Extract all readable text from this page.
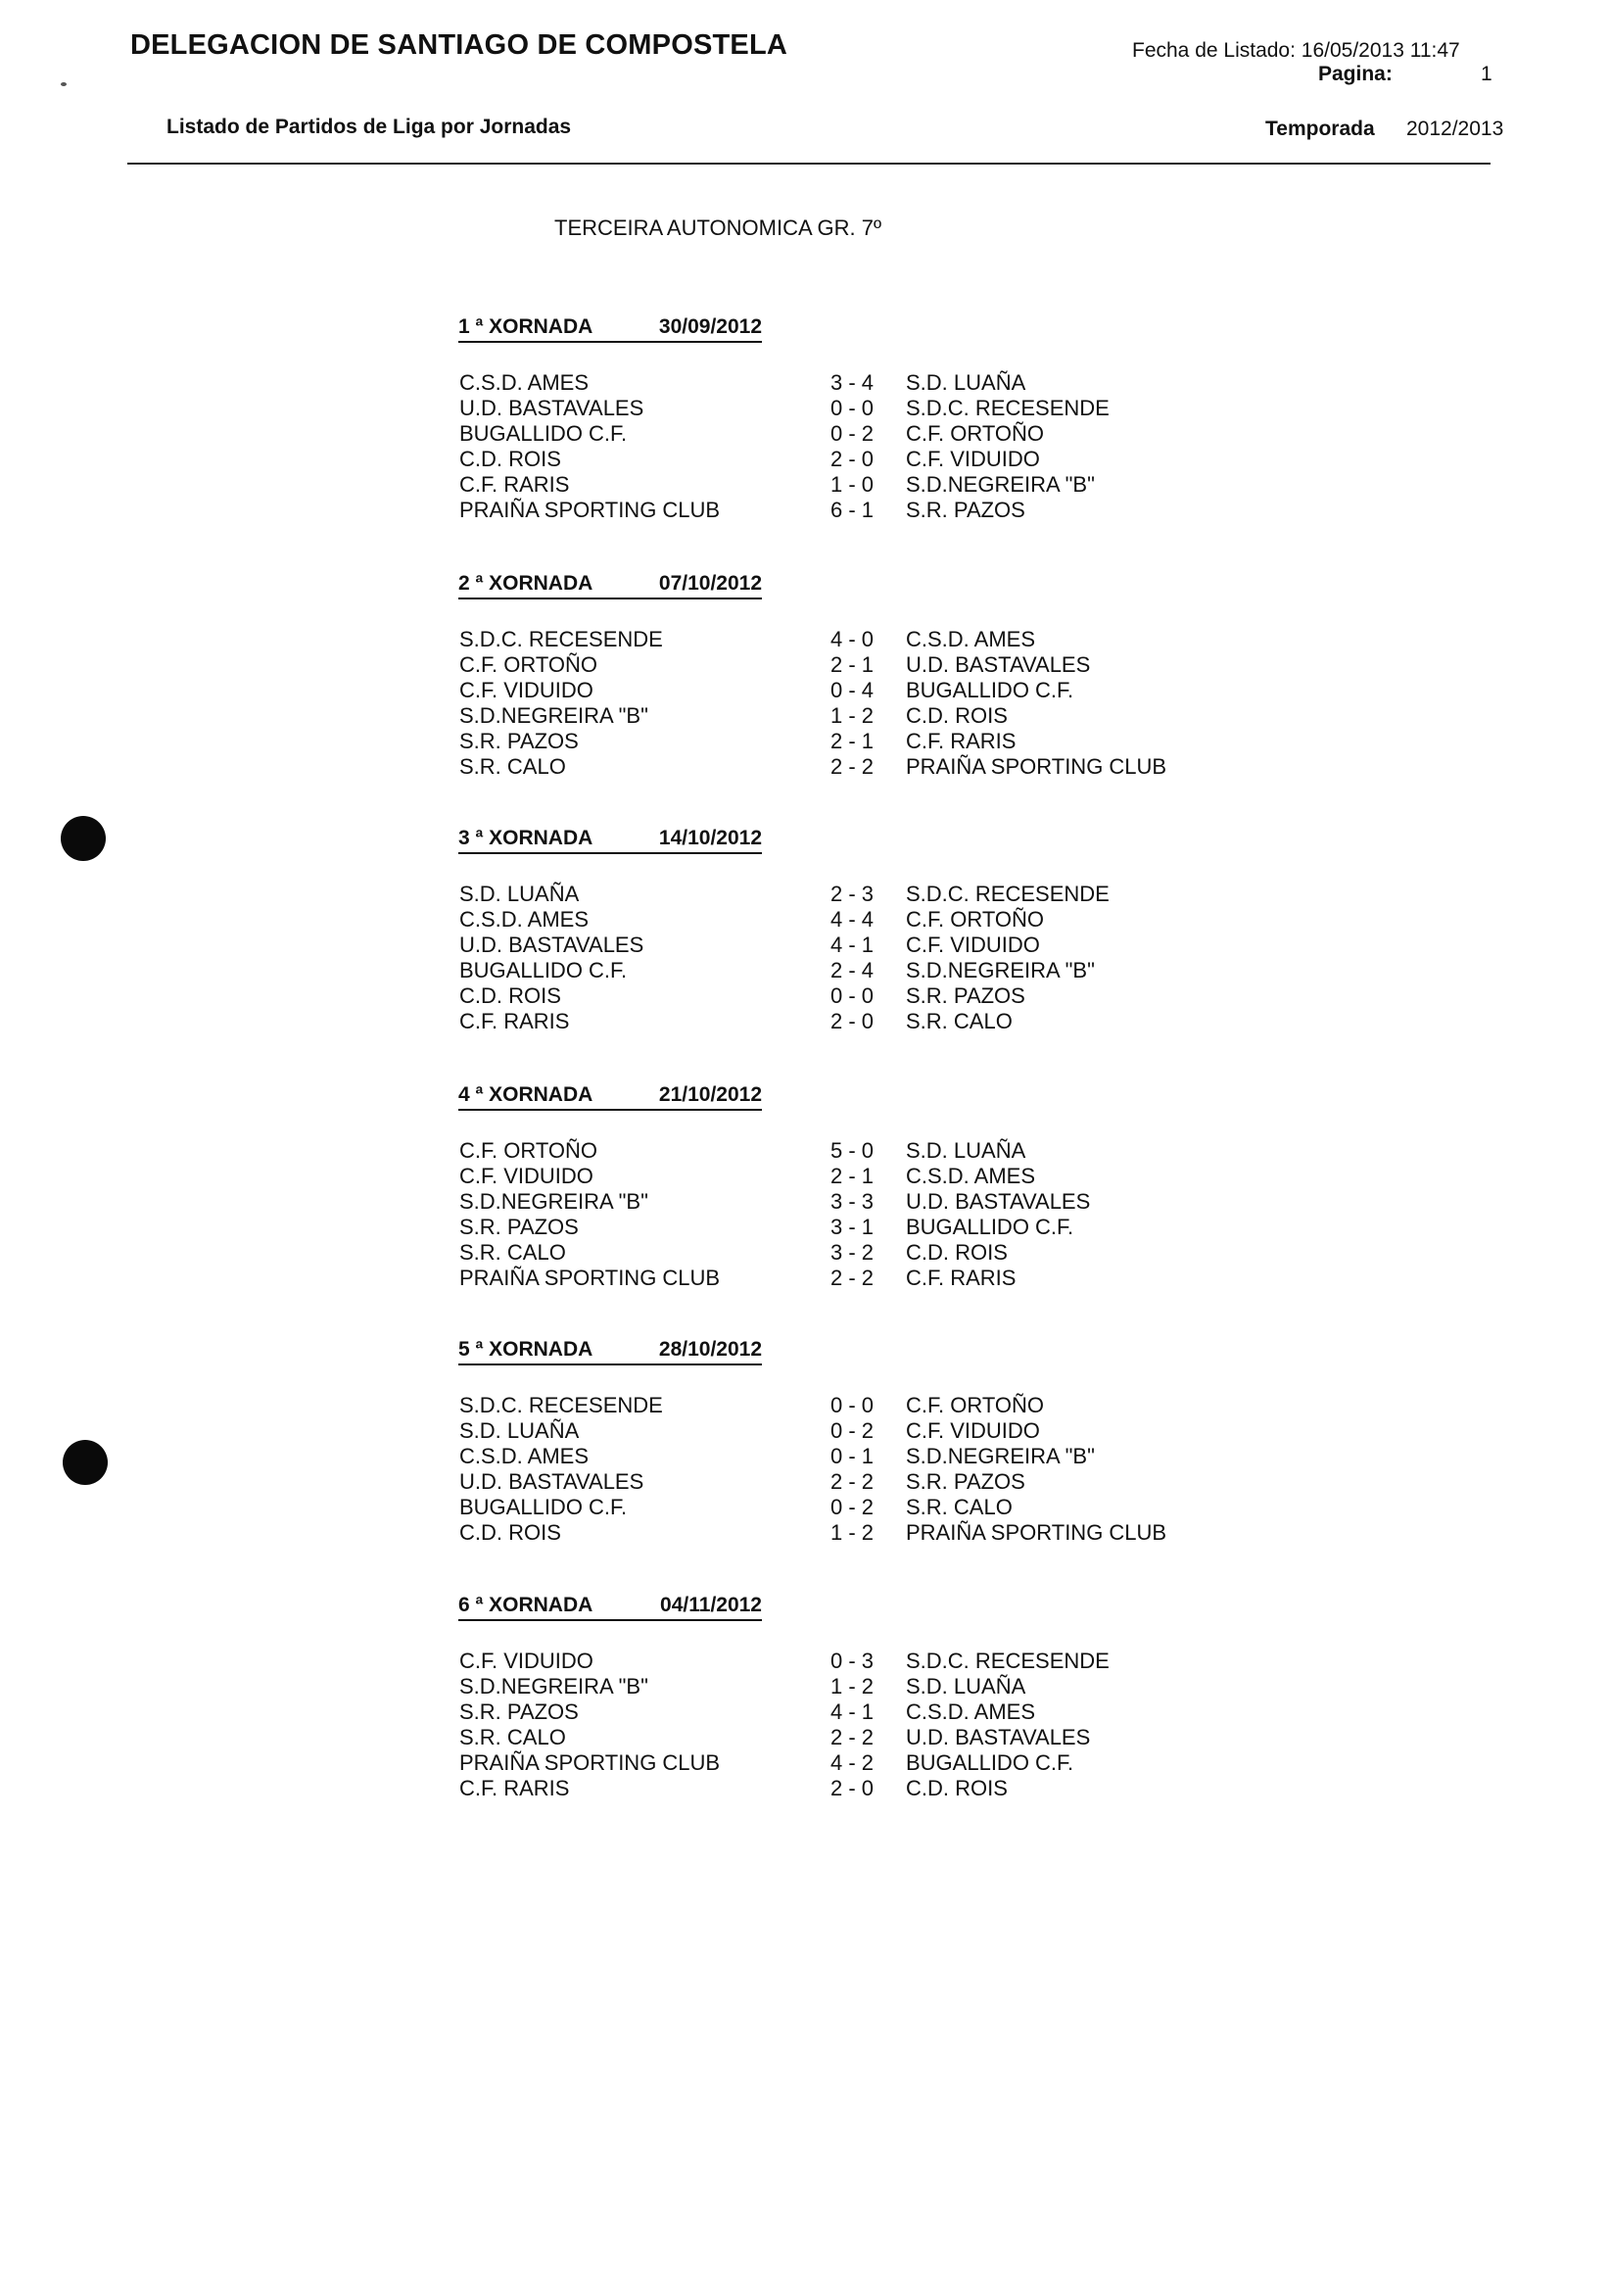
DELEGACION DE SANTIAGO DE COMPOSTELA	Fecha de Listado: 16/05/2013 11:47
Pagina:	1
Listado de Partidos de Liga por Jornadas	Temporada 2012/2013
TERCEIRA AUTONOMICA GR. 7º
1 ª XORNADA	30/09/2012
C.S.D. AMES	3 - 4	S.D. LUAÑA
U.D. BASTAVALES	0 - 0	S.D.C. RECESENDE
BUGALLIDO C.F.	0 - 2	C.F. ORTOÑO
C.D. ROIS	2 - 0	C.F. VIDUIDO
C.F. RARIS	1 - 0	S.D.NEGREIRA "B"
PRAIÑA SPORTING CLUB	6 - 1	S.R. PAZOS
2 ª XORNADA	07/10/2012
S.D.C. RECESENDE	4 - 0	C.S.D. AMES
C.F. ORTOÑO	2 - 1	U.D. BASTAVALES
C.F. VIDUIDO	0 - 4	BUGALLIDO C.F.
S.D.NEGREIRA "B"	1 - 2	C.D. ROIS
S.R. PAZOS	2 - 1	C.F. RARIS
S.R. CALO	2 - 2	PRAIÑA SPORTING CLUB
3 ª XORNADA	14/10/2012
S.D. LUAÑA	2 - 3	S.D.C. RECESENDE
C.S.D. AMES	4 - 4	C.F. ORTOÑO
U.D. BASTAVALES	4 - 1	C.F. VIDUIDO
BUGALLIDO C.F.	2 - 4	S.D.NEGREIRA "B"
C.D. ROIS	0 - 0	S.R. PAZOS
C.F. RARIS	2 - 0	S.R. CALO
4 ª XORNADA	21/10/2012
C.F. ORTOÑO	5 - 0	S.D. LUAÑA
C.F. VIDUIDO	2 - 1	C.S.D. AMES
S.D.NEGREIRA "B"	3 - 3	U.D. BASTAVALES
S.R. PAZOS	3 - 1	BUGALLIDO C.F.
S.R. CALO	3 - 2	C.D. ROIS
PRAIÑA SPORTING CLUB	2 - 2	C.F. RARIS
5 ª XORNADA	28/10/2012
S.D.C. RECESENDE	0 - 0	C.F. ORTOÑO
S.D. LUAÑA	0 - 2	C.F. VIDUIDO
C.S.D. AMES	0 - 1	S.D.NEGREIRA "B"
U.D. BASTAVALES	2 - 2	S.R. PAZOS
BUGALLIDO C.F.	0 - 2	S.R. CALO
C.D. ROIS	1 - 2	PRAIÑA SPORTING CLUB
6 ª XORNADA	04/11/2012
C.F. VIDUIDO	0 - 3	S.D.C. RECESENDE
S.D.NEGREIRA "B"	1 - 2	S.D. LUAÑA
S.R. PAZOS	4 - 1	C.S.D. AMES
S.R. CALO	2 - 2	U.D. BASTAVALES
PRAIÑA SPORTING CLUB	4 - 2	BUGALLIDO C.F.
C.F. RARIS	2 - 0	C.D. ROIS
